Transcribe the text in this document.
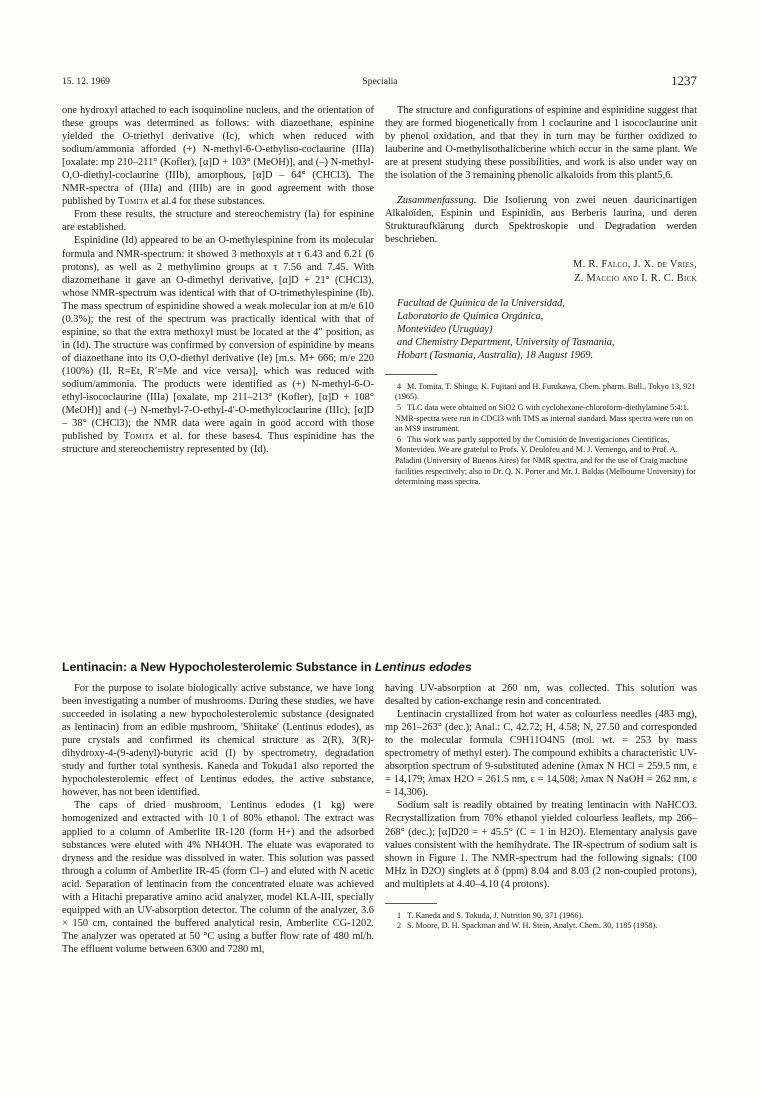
15. 12. 1969	Specialia	1237

one hydroxyl attached to each isoquinoline nucleus, and the orientation of these groups was determined as follows: with diazoethane, espinine yielded the O-triethyl derivative (Ic), which when reduced with sodium/ammonia afforded (+) N-methyl-6-O-ethyliso-coclaurine (IIIa) [oxalate: mp 210–211° (Kofler), [α]D + 103° (MeOH)], and (–) N-methyl-O,O-diethyl-coclaurine (IIIb), amorphous, [α]D – 64° (CHCl3). The NMR-spectra of (IIIa) and (IIIb) are in good agreement with those published by Tomita et al.4 for these substances.

From these results, the structure and stereochemistry (Ia) for espinine are established.

Espinidine (Id) appeared to be an O-methylespinine from its molecular formula and NMR-spectrum: it showed 3 methoxyls at τ 6.43 and 6.21 (6 protons), as well as 2 methylimino groups at τ 7.56 and 7.45. With diazomethane it gave an O-dimethyl derivative, [α]D + 21° (CHCl3), whose NMR-spectrum was identical with that of O-trimethylespinine (Ib). The mass spectrum of espinidine showed a weak molecular ion at m/e 610 (0.3%); the rest of the spectrum was practically identical with that of espinine, so that the extra methoxyl must be located at the 4″ position, as in (Id). The structure was confirmed by conversion of espinidine by means of diazoethane into its O,O-diethyl derivative (Ie) [m.s. M+ 666; m/e 220 (100%) (II, R=Et, R′=Me and vice versa)], which was reduced with sodium/ammonia. The products were identified as (+) N-methyl-6-O-ethyl-isococlaurine (IIIa) [oxalate, mp 211–213° (Kofler), [α]D + 108° (MeOH)] and (–) N-methyl-7-O-ethyl-4′-O-methylcoclaurine (IIIc), [α]D – 38° (CHCl3); the NMR data were again in good accord with those published by Tomita et al. for these bases4. Thus espinidine has the structure and stereochemistry represented by (Id).

The structure and configurations of espinine and espinidine suggest that they are formed biogenetically from 1 coclaurine and 1 isococlaurine unit by phenol oxidation, and that they in turn may be further oxidized to lauberine and O-methylisothalicberine which occur in the same plant. We are at present studying these possibilities, and work is also under way on the isolation of the 3 remaining phenolic alkaloids from this plant5,6.

Zusammenfassung. Die Isolierung von zwei neuen dauricinartigen Alkaloïden, Espinin und Espinidin, aus Berberis laurina, und deren Strukturaufklärung durch Spektroskopie und Degradation werden beschrieben.

M. R. Falco, J. X. de Vries,

Z. Maccio and I. R. C. Bick

Facultad de Química de la Universidad,

Laboratorio de Química Orgánica,

Montevideo (Uruguay)

and Chemistry Department, University of Tasmania,

Hobart (Tasmania, Australia), 18 August 1969.

4 M. Tomita, T. Shingu, K. Fujitani and H. Furukawa, Chem. pharm. Bull., Tokyo 13, 921 (1965).

5 TLC data were obtained on SiO2 G with cyclohexane-chloroform-diethylamine 5:4:1. NMR-spectra were run in CDCl3 with TMS as internal standard. Mass spectra were run on an MS9 instrument.

6 This work was partly supported by the Comisión de Investigaciones Cientificas, Montevideo. We are grateful to Profs. V. Deulofeu and M. J. Vernengo, and to Prof. A. Paladini (University of Buenos Aires) for NMR spectra, and for the use of Craig machine facilities respectively; also to Dr. Q. N. Porter and Mr. J. Baldas (Melbourne University) for determining mass spectra.

Lentinacin: a New Hypocholesterolemic Substance in Lentinus edodes

For the purpose to isolate biologically active substance, we have long been investigating a number of mushrooms. During these studies, we have succeeded in isolating a new hypocholesterolemic substance (designated as lentinacin) from an edible mushroom, 'Shiitake' (Lentinus edodes), as pure crystals and confirmed its chemical structure as 2(R), 3(R)-dihydroxy-4-(9-adenyl)-butyric acid (I) by spectrometry, degradation study and further total synthesis. Kaneda and Tokuda1 also reported the hypocholesterolemic effect of Lentinus edodes, the active substance, however, has not been identified.

The caps of dried mushroom, Lentinus edodes (1 kg) were homogenized and extracted with 10 l of 80% ethanol. The extract was applied to a column of Amberlite IR-120 (form H+) and the adsorbed substances were eluted with 4% NH4OH. The eluate was evaporated to dryness and the residue was dissolved in water. This solution was passed through a column of Amberlite IR-45 (form Cl–) and eluted with N acetic acid. Separation of lentinacin from the concentrated eluate was achieved with a Hitachi preparative amino acid analyzer, model KLA-III, specially equipped with an UV-absorption detector. The column of the analyzer, 3.6 × 150 cm, contained the buffered analytical resin, Amberlite CG-1202. The analyzer was operated at 50 °C using a buffer flow rate of 480 ml/h. The effluent volume between 6300 and 7280 ml,

having UV-absorption at 260 nm, was collected. This solution was desalted by cation-exchange resin and concentrated.

Lentinacin crystallized from hot water as colourless needles (483 mg), mp 261–263° (dec.); Anal.: C, 42.72; H, 4.58; N, 27.50 and corresponded to the molecular formula C9H11O4N5 (mol. wt. = 253 by mass spectrometry of methyl ester). The compound exhibits a characteristic UV-absorption spectrum of 9-substituted adenine (λmax N HCl = 259.5 nm, ε = 14,179; λmax H2O = 261.5 nm, ε = 14,508; λmax N NaOH = 262 nm, ε = 14,306).

Sodium salt is readily obtained by treating lentinacin with NaHCO3. Recrystallization from 70% ethanol yielded colourless leaflets, mp 266–268° (dec.); [α]D20 = + 45.5° (C = 1 in H2O). Elementary analysis gave values consistent with the hemihydrate. The IR-spectrum of sodium salt is shown in Figure 1. The NMR-spectrum had the following signals: (100 MHz in D2O) singlets at δ (ppm) 8.04 and 8.03 (2 non-coupled protons), and multiplets at 4.40–4.10 (4 protons).

1 T. Kaneda and S. Tokuda, J. Nutrition 90, 371 (1966).

2 S. Moore, D. H. Spackman and W. H. Stein, Analyt. Chem. 30, 1185 (1958).
